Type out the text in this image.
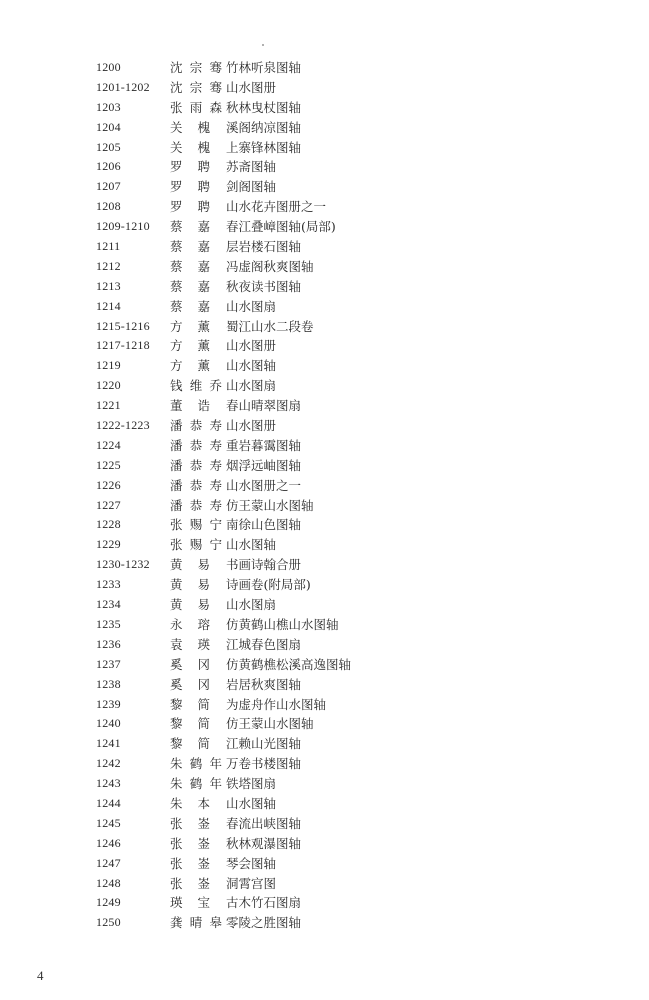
1200	沈宗骞 竹林听泉图轴
1201-1202	沈宗骞 山水图册
1203	张雨森 秋林曳杖图轴
1204	关槐 溪阁纳凉图轴
1205	关槐 上寨锋林图轴
1206	罗聘 苏斋图轴
1207	罗聘 剑阁图轴
1208	罗聘 山水花卉图册之一
1209-1210	蔡嘉 春江叠嶂图轴(局部)
1211	蔡嘉 层岩楼石图轴
1212	蔡嘉 冯虚阁秋爽图轴
1213	蔡嘉 秋夜读书图轴
1214	蔡嘉 山水图扇
1215-1216	方薰 蜀江山水二段卷
1217-1218	方薰 山水图册
1219	方薰 山水图轴
1220	钱维乔 山水图扇
1221	董诰 春山晴翠图扇
1222-1223	潘恭寿 山水图册
1224	潘恭寿 重岩暮霭图轴
1225	潘恭寿 烟浮远岫图轴
1226	潘恭寿 山水图册之一
1227	潘恭寿 仿王蒙山水图轴
1228	张赐宁 南徐山色图轴
1229	张赐宁 山水图轴
1230-1232	黄易 书画诗翰合册
1233	黄易 诗画卷(附局部)
1234	黄易 山水图扇
1235	永瑢 仿黄鹤山樵山水图轴
1236	袁瑛 江城春色图扇
1237	奚冈 仿黄鹤樵松溪高逸图轴
1238	奚冈 岩居秋爽图轴
1239	黎简 为虚舟作山水图轴
1240	黎简 仿王蒙山水图轴
1241	黎简 江赖山光图轴
1242	朱鹤年 万卷书楼图轴
1243	朱鹤年 铁塔图扇
1244	朱本 山水图轴
1245	张崟 春流出峡图轴
1246	张崟 秋林观瀑图轴
1247	张崟 琴会图轴
1248	张崟 洞霄宫图
1249	瑛宝 古木竹石图扇
1250	龚晴皋 零陵之胜图轴
4
